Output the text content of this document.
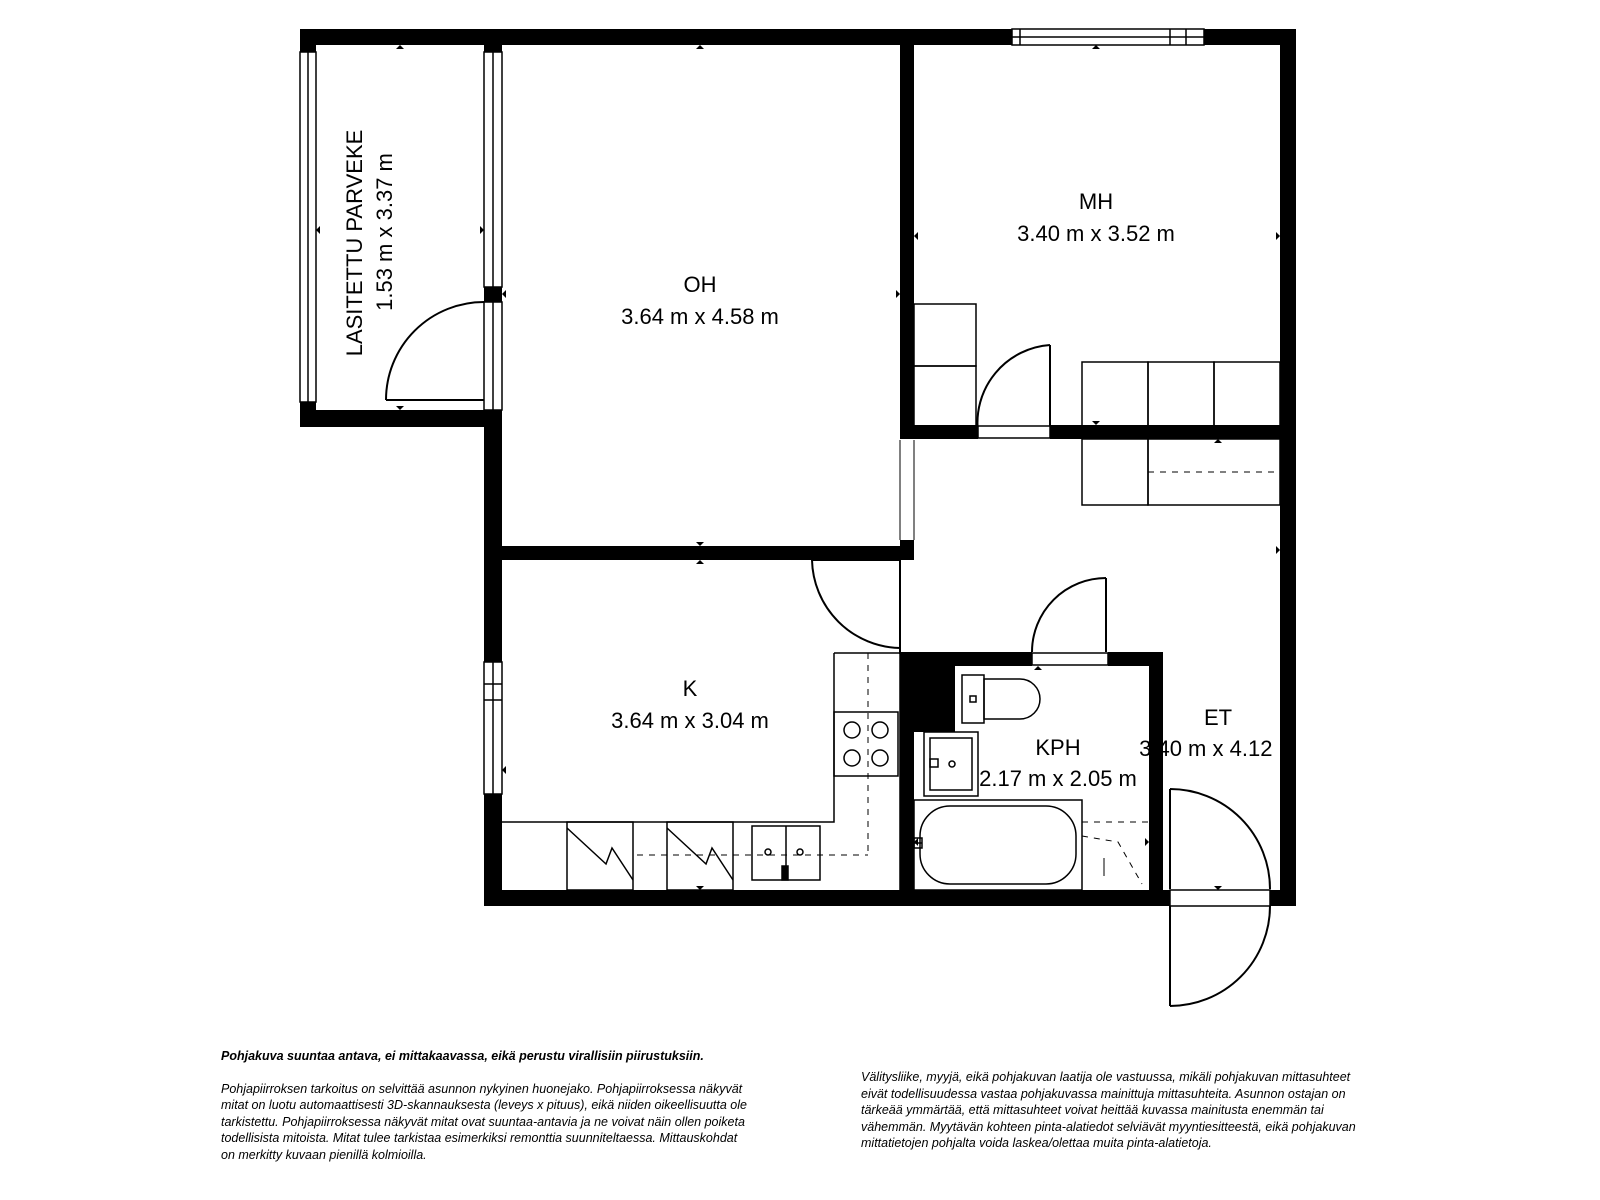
LASITETTU PARVEKE 1.53 m x 3.37 m	OH
3.64 m x 4.58 m
MH
3.40 m x 3.52 m
K
3.64 m x 3.04 m	ET
3.40 m x 4.12 m
KPH
2.17 m x 2.05 m

Pohjakuva suuntaa antava, ei mittakaavassa, eikä perustu virallisiin piirustuksiin.

Pohjapiirroksen tarkoitus on selvittää asunnon nykyinen huonejako. Pohjapiirroksessa näkyvät mitat on luotu automaattisesti 3D-skannauksesta (leveys x pituus), eikä niiden oikeellisuutta ole tarkistettu. Pohjapiirroksessa näkyvät mitat ovat suuntaa-antavia ja ne voivat näin ollen poiketa todellisista mitoista. Mitat tulee tarkistaa esimerkiksi remonttia suunniteltaessa. Mittauskohdat on merkitty kuvaan pienillä kolmioilla.

Välitysliike, myyjä, eikä pohjakuvan laatija ole vastuussa, mikäli pohjakuvan mittasuhteet eivät todellisuudessa vastaa pohjakuvassa mainittuja mittasuhteita. Asunnon ostajan on tärkeää ymmärtää, että mittasuhteet voivat heittää kuvassa mainitusta enemmän tai vähemmän. Myytävän kohteen pinta-alatiedot selviävät myyntiesitteestä, eikä pohjakuvan mittatietojen pohjalta voida laskea/olettaa muita pinta-alatietoja.
